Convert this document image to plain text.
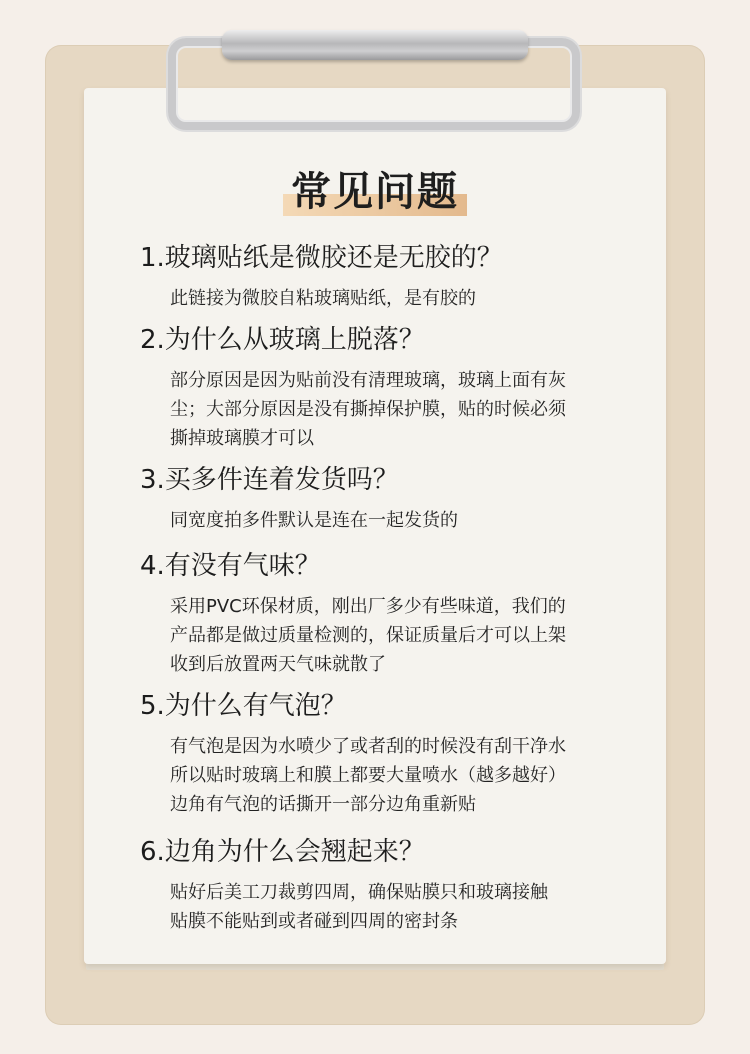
常见问题

1.玻璃贴纸是微胶还是无胶的？

此链接为微胶自粘玻璃贴纸，是有胶的

2.为什么从玻璃上脱落？

部分原因是因为贴前没有清理玻璃，玻璃上面有灰
尘；大部分原因是没有撕掉保护膜，贴的时候必须
撕掉玻璃膜才可以

3.买多件连着发货吗？

同宽度拍多件默认是连在一起发货的

4.有没有气味？

采用PVC环保材质，刚出厂多少有些味道，我们的
产品都是做过质量检测的，保证质量后才可以上架
收到后放置两天气味就散了

5.为什么有气泡？

有气泡是因为水喷少了或者刮的时候没有刮干净水
所以贴时玻璃上和膜上都要大量喷水（越多越好）
边角有气泡的话撕开一部分边角重新贴

6.边角为什么会翘起来？

贴好后美工刀裁剪四周，确保贴膜只和玻璃接触
贴膜不能贴到或者碰到四周的密封条
